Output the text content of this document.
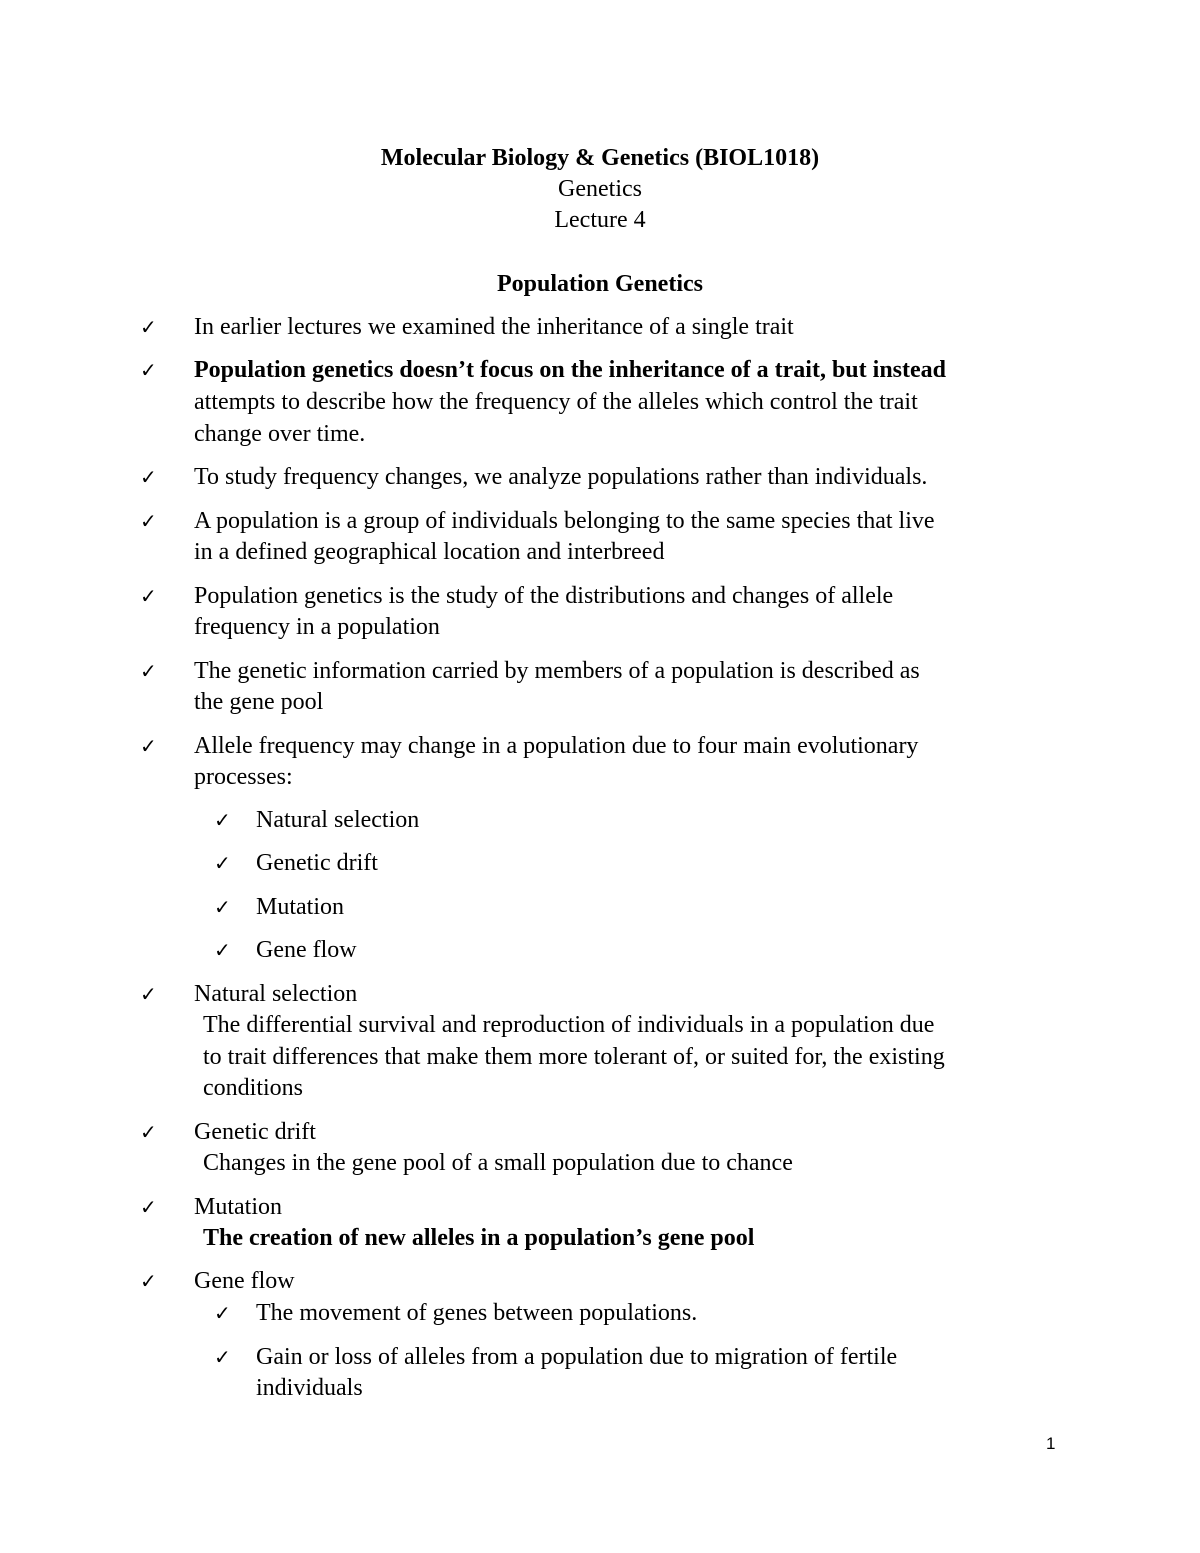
Molecular Biology & Genetics (BIOL1018)
Genetics
Lecture 4
Population Genetics
✓ In earlier lectures we examined the inheritance of a single trait
✓ Population genetics doesn’t focus on the inheritance of a trait, but instead
attempts to describe how the frequency of the alleles which control the trait
change over time.
✓ To study frequency changes, we analyze populations rather than individuals.
✓ A population is a group of individuals belonging to the same species that live
in a defined geographical location and interbreed
✓ Population genetics is the study of the distributions and changes of allele
frequency in a population
✓ The genetic information carried by members of a population is described as
the gene pool
✓ Allele frequency may change in a population due to four main evolutionary
processes:
✓ Natural selection
✓ Genetic drift
✓ Mutation
✓ Gene flow
✓ Natural selection
The differential survival and reproduction of individuals in a population due
to trait differences that make them more tolerant of, or suited for, the existing
conditions
✓ Genetic drift
Changes in the gene pool of a small population due to chance
✓ Mutation
The creation of new alleles in a population’s gene pool
✓ Gene flow
✓ The movement of genes between populations.
✓ Gain or loss of alleles from a population due to migration of fertile
individuals
1
